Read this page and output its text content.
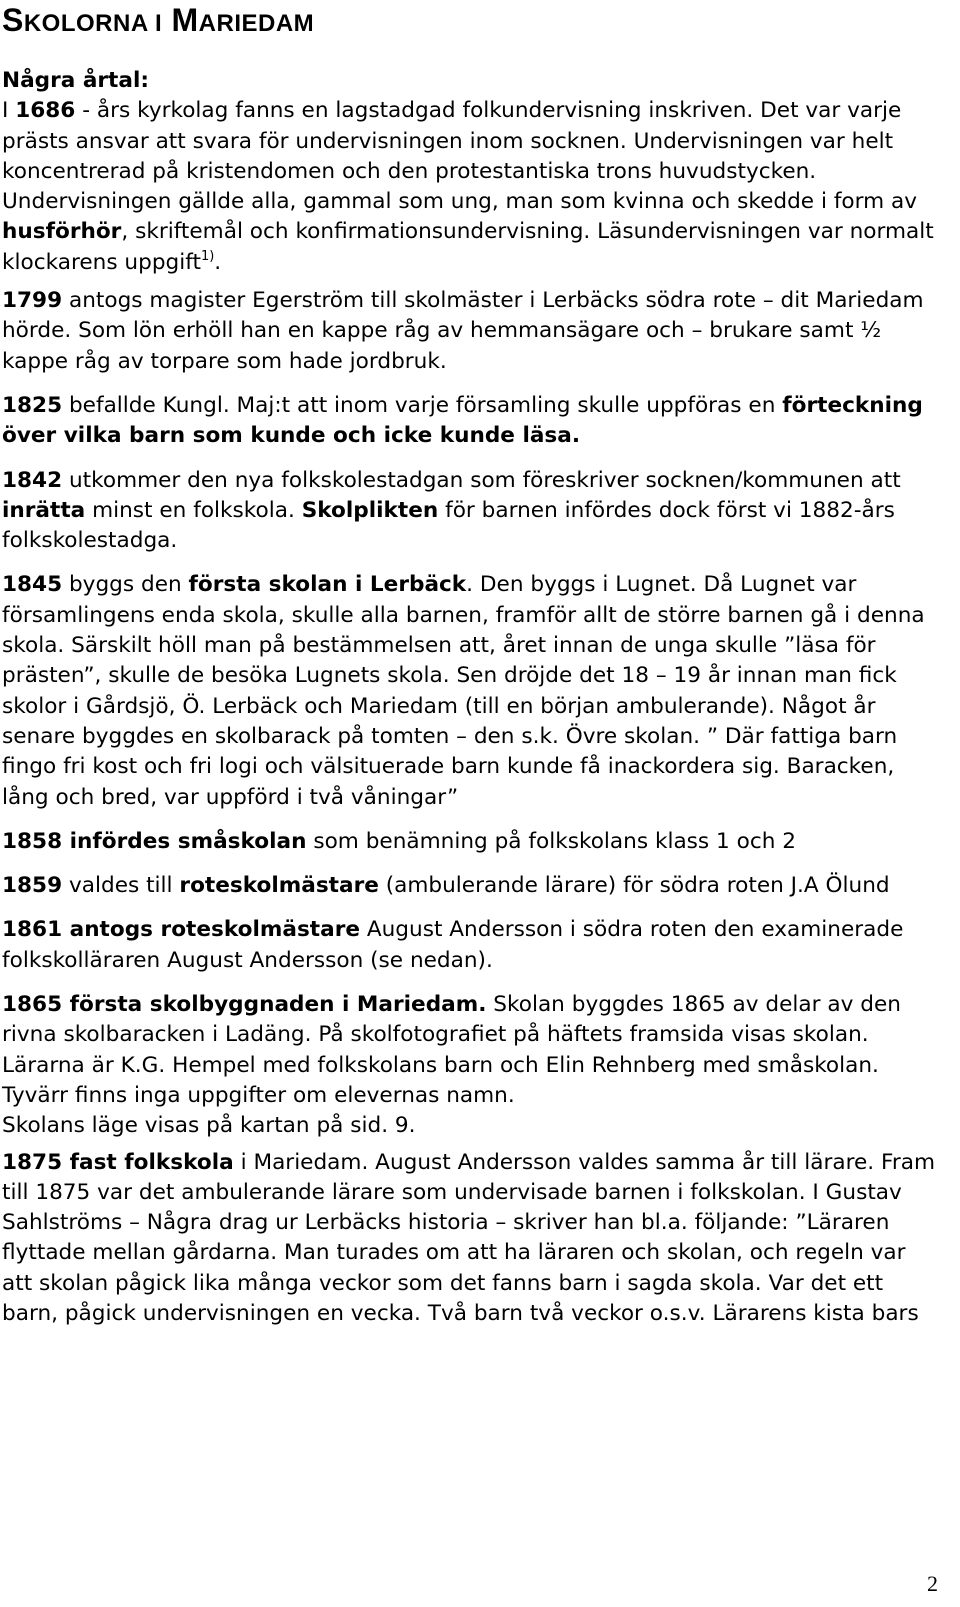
SKOLORNA I MARIEDAM

Några årtal:

I 1686 - års kyrkolag fanns en lagstadgad folkundervisning inskriven. Det var varje prästs ansvar att svara för undervisningen inom socknen. Undervisningen var helt koncentrerad på kristendomen och den protestantiska trons huvudstycken. Undervisningen gällde alla, gammal som ung, man som kvinna och skedde i form av husförhör, skriftemål och konfirmationsundervisning. Läsundervisningen var normalt klockarens uppgift$^{1)}$.

1799 antogs magister Egerström till skolmäster i Lerbäcks södra rote – dit Mariedam hörde. Som lön erhöll han en kappe råg av hemmansägare och – brukare samt ½ kappe råg av torpare som hade jordbruk.

1825 befallde Kungl. Maj:t att inom varje församling skulle uppföras en förteckning över vilka barn som kunde och icke kunde läsa.

1842 utkommer den nya folkskolestadgan som föreskriver socknen/kommunen att inrätta minst en folkskola. Skolplikten för barnen infördes dock först vi 1882-års folkskolestadga.

1845 byggs den första skolan i Lerbäck. Den byggs i Lugnet. Då Lugnet var församlingens enda skola, skulle alla barnen, framför allt de större barnen gå i denna skola. Särskilt höll man på bestämmelsen att, året innan de unga skulle ”läsa för prästen”, skulle de besöka Lugnets skola. Sen dröjde det 18 – 19 år innan man fick skolor i Gårdsjö, Ö. Lerbäck och Mariedam (till en början ambulerande). Något år senare byggdes en skolbarack på tomten – den s.k. Övre skolan. ” Där fattiga barn fingo fri kost och fri logi och välsituerade barn kunde få inackordera sig. Baracken, lång och bred, var uppförd i två våningar”

1858 infördes småskolan som benämning på folkskolans klass 1 och 2

1859 valdes till roteskolmästare (ambulerande lärare) för södra roten J.A Ölund

1861 antogs roteskolmästare August Andersson i södra roten den examinerade folkskolläraren August Andersson (se nedan).

1865 första skolbyggnaden i Mariedam. Skolan byggdes 1865 av delar av den rivna skolbaracken i Ladäng. På skolfotografiet på häftets framsida visas skolan. Lärarna är K.G. Hempel med folkskolans barn och Elin Rehnberg med småskolan.

Tyvärr finns inga uppgifter om elevernas namn.

Skolans läge visas på kartan på sid. 9.

1875 fast folkskola i Mariedam. August Andersson valdes samma år till lärare. Fram till 1875 var det ambulerande lärare som undervisade barnen i folkskolan. I Gustav Sahlströms – Några drag ur Lerbäcks historia – skriver han bl.a. följande: ”Läraren flyttade mellan gårdarna. Man turades om att ha läraren och skolan, och regeln var att skolan pågick lika många veckor som det fanns barn i sagda skola. Var det ett barn, pågick undervisningen en vecka. Två barn två veckor o.s.v. Lärarens kista bars

2
